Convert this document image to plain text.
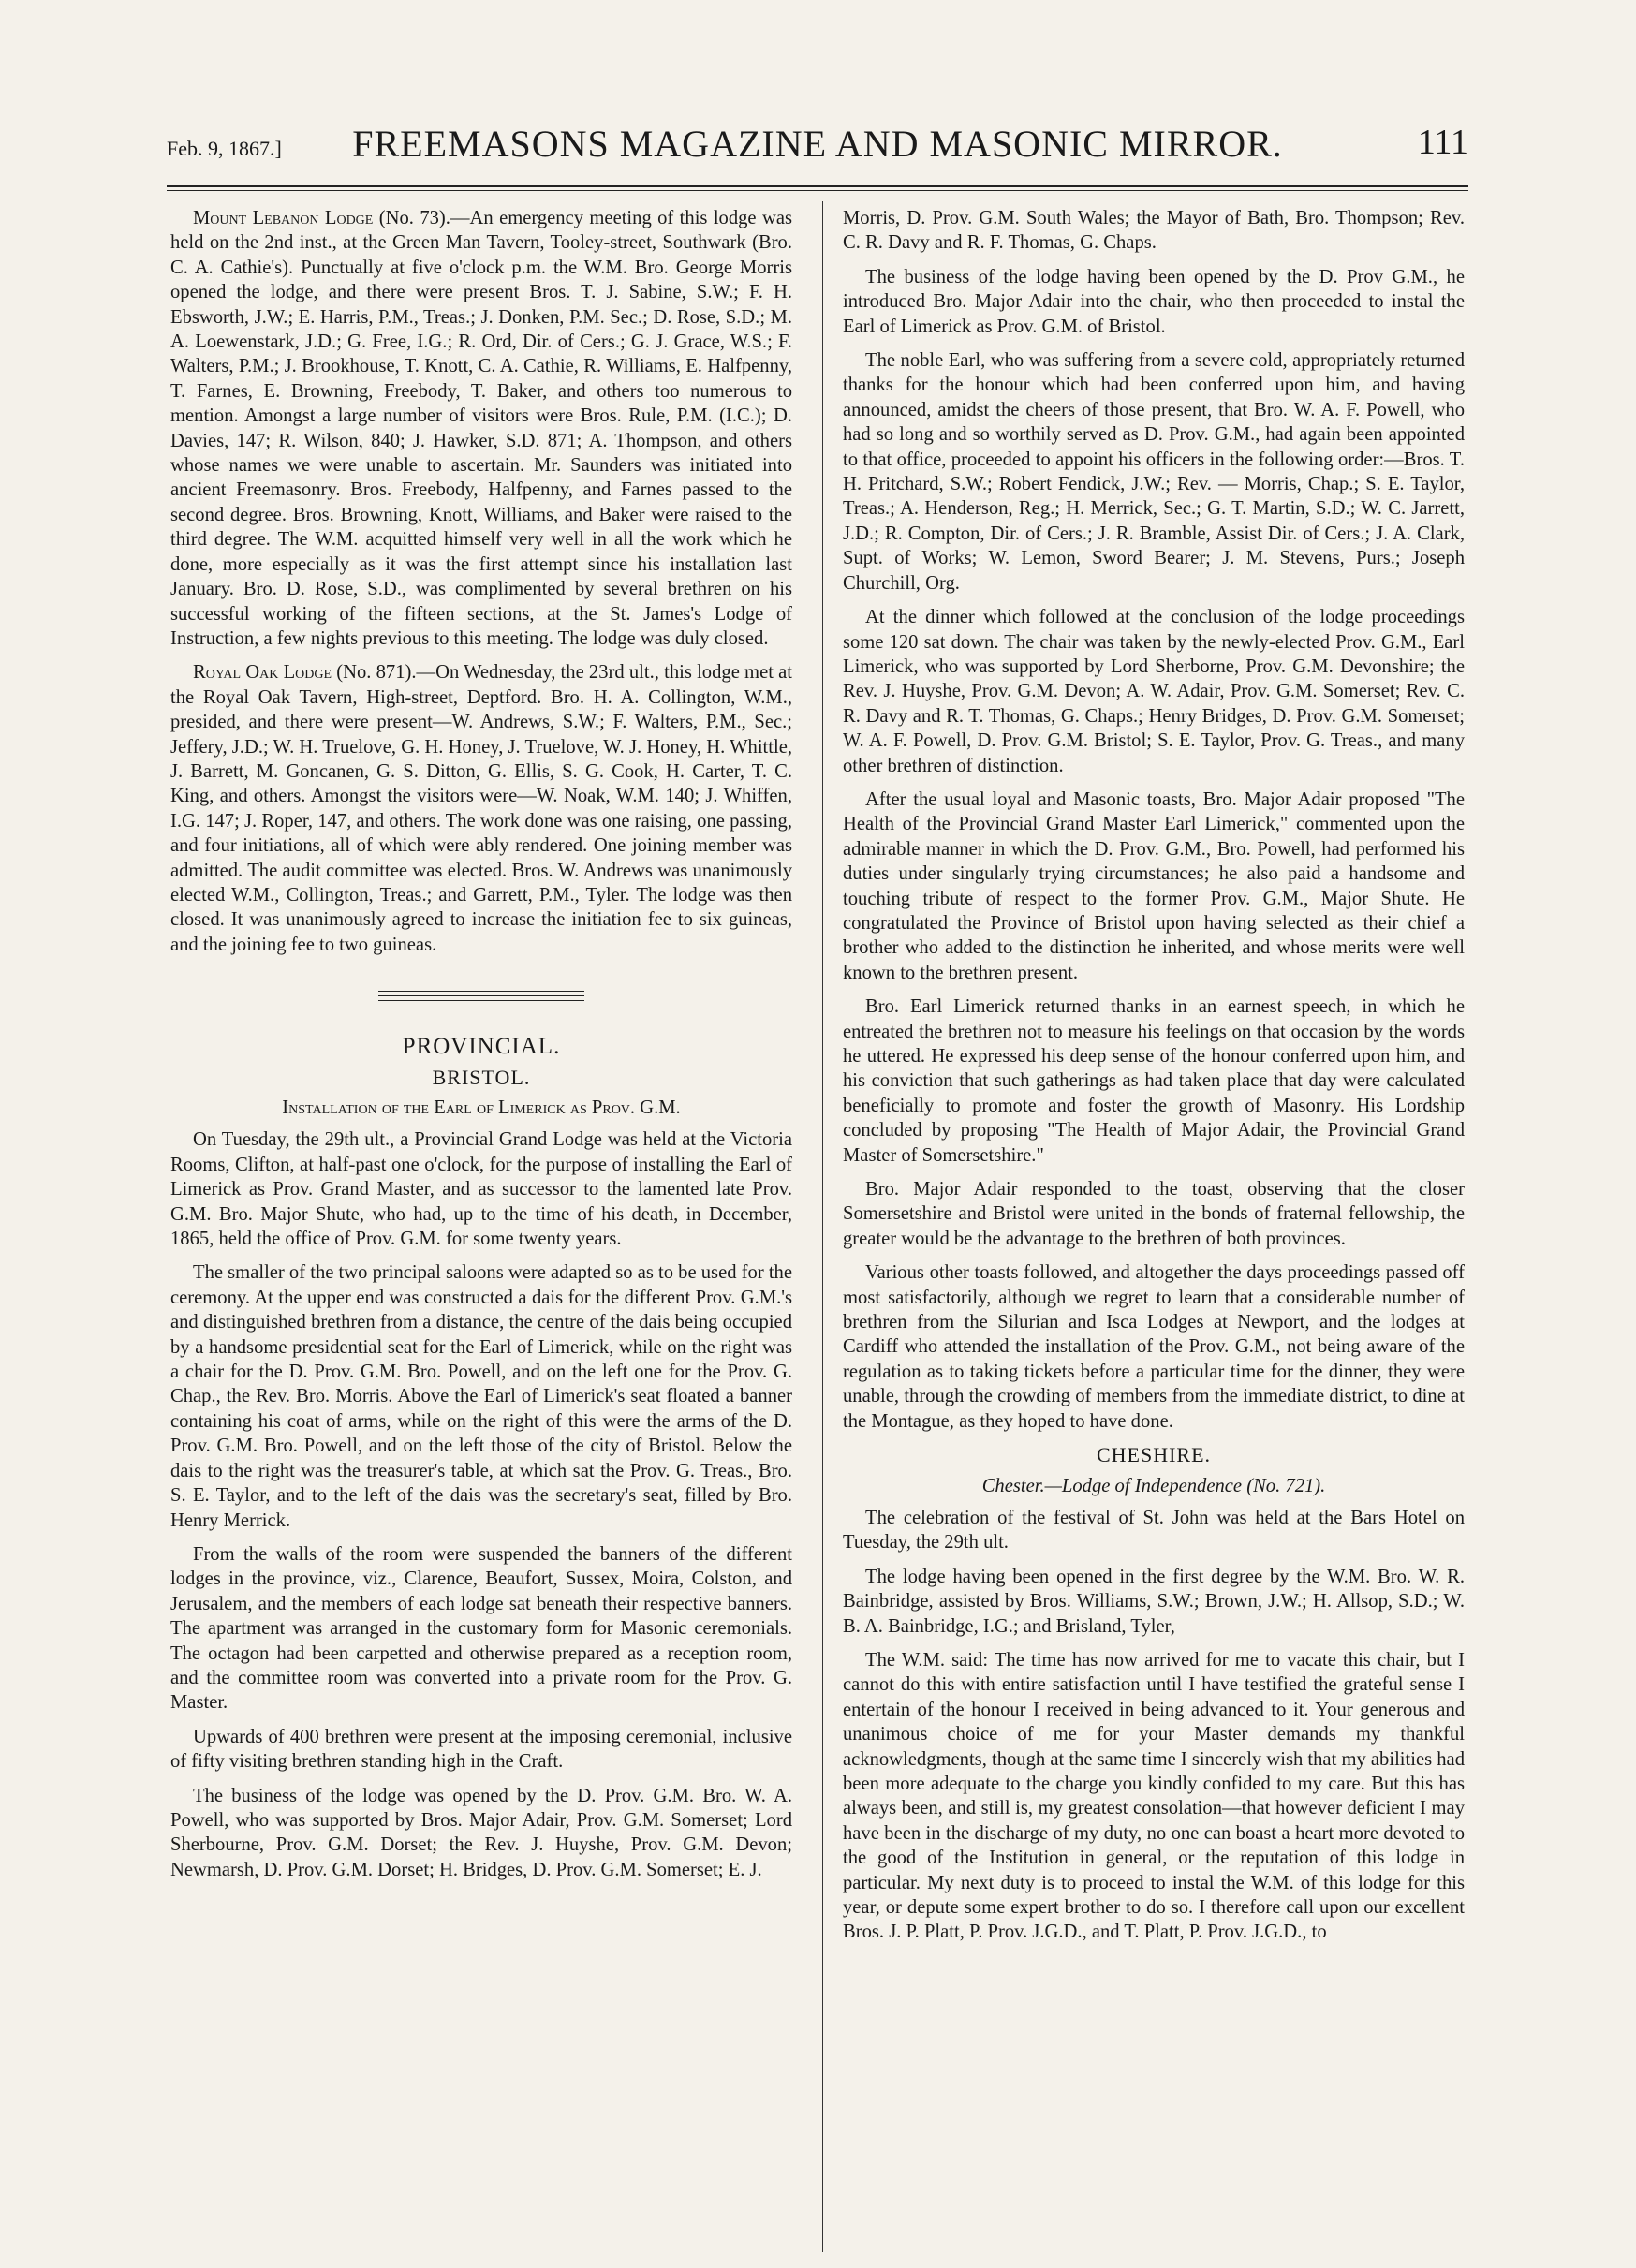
Feb. 9, 1867.]	FREEMASONS MAGAZINE AND MASONIC MIRROR.	111

Mount Lebanon Lodge (No. 73).—An emergency meeting of this lodge was held on the 2nd inst., at the Green Man Tavern, Tooley-street, Southwark (Bro. C. A. Cathie's). Punctually at five o'clock p.m. the W.M. Bro. George Morris opened the lodge, and there were present Bros. T. J. Sabine, S.W.; F. H. Ebsworth, J.W.; E. Harris, P.M., Treas.; J. Donken, P.M. Sec.; D. Rose, S.D.; M. A. Loewenstark, J.D.; G. Free, I.G.; R. Ord, Dir. of Cers.; G. J. Grace, W.S.; F. Walters, P.M.; J. Brookhouse, T. Knott, C. A. Cathie, R. Williams, E. Halfpenny, T. Farnes, E. Browning, Freebody, T. Baker, and others too numerous to mention. Amongst a large number of visitors were Bros. Rule, P.M. (I.C.); D. Davies, 147; R. Wilson, 840; J. Hawker, S.D. 871; A. Thompson, and others whose names we were unable to ascertain. Mr. Saunders was initiated into ancient Freemasonry. Bros. Freebody, Halfpenny, and Farnes passed to the second degree. Bros. Browning, Knott, Williams, and Baker were raised to the third degree. The W.M. acquitted himself very well in all the work which he done, more especially as it was the first attempt since his installation last January. Bro. D. Rose, S.D., was complimented by several brethren on his successful working of the fifteen sections, at the St. James's Lodge of Instruction, a few nights previous to this meeting. The lodge was duly closed.

Royal Oak Lodge (No. 871).—On Wednesday, the 23rd ult., this lodge met at the Royal Oak Tavern, High-street, Deptford. Bro. H. A. Collington, W.M., presided, and there were present—W. Andrews, S.W.; F. Walters, P.M., Sec.; Jeffery, J.D.; W. H. Truelove, G. H. Honey, J. Truelove, W. J. Honey, H. Whittle, J. Barrett, M. Goncanen, G. S. Ditton, G. Ellis, S. G. Cook, H. Carter, T. C. King, and others. Amongst the visitors were—W. Noak, W.M. 140; J. Whiffen, I.G. 147; J. Roper, 147, and others. The work done was one raising, one passing, and four initiations, all of which were ably rendered. One joining member was admitted. The audit committee was elected. Bros. W. Andrews was unanimously elected W.M., Collington, Treas.; and Garrett, P.M., Tyler. The lodge was then closed. It was unanimously agreed to increase the initiation fee to six guineas, and the joining fee to two guineas.

PROVINCIAL.
BRISTOL.
Installation of the Earl of Limerick as Prov. G.M.

On Tuesday, the 29th ult., a Provincial Grand Lodge was held at the Victoria Rooms, Clifton, at half-past one o'clock, for the purpose of installing the Earl of Limerick as Prov. Grand Master, and as successor to the lamented late Prov. G.M. Bro. Major Shute, who had, up to the time of his death, in December, 1865, held the office of Prov. G.M. for some twenty years.

The smaller of the two principal saloons were adapted so as to be used for the ceremony. At the upper end was constructed a dais for the different Prov. G.M.'s and distinguished brethren from a distance, the centre of the dais being occupied by a handsome presidential seat for the Earl of Limerick, while on the right was a chair for the D. Prov. G.M. Bro. Powell, and on the left one for the Prov. G. Chap., the Rev. Bro. Morris. Above the Earl of Limerick's seat floated a banner containing his coat of arms, while on the right of this were the arms of the D. Prov. G.M. Bro. Powell, and on the left those of the city of Bristol. Below the dais to the right was the treasurer's table, at which sat the Prov. G. Treas., Bro. S. E. Taylor, and to the left of the dais was the secretary's seat, filled by Bro. Henry Merrick.

From the walls of the room were suspended the banners of the different lodges in the province, viz., Clarence, Beaufort, Sussex, Moira, Colston, and Jerusalem, and the members of each lodge sat beneath their respective banners. The apartment was arranged in the customary form for Masonic ceremonials. The octagon had been carpetted and otherwise prepared as a reception room, and the committee room was converted into a private room for the Prov. G. Master.

Upwards of 400 brethren were present at the imposing ceremonial, inclusive of fifty visiting brethren standing high in the Craft.

The business of the lodge was opened by the D. Prov. G.M. Bro. W. A. Powell, who was supported by Bros. Major Adair, Prov. G.M. Somerset; Lord Sherbourne, Prov. G.M. Dorset; the Rev. J. Huyshe, Prov. G.M. Devon; Newmarsh, D. Prov. G.M. Dorset; H. Bridges, D. Prov. G.M. Somerset; E. J.

Morris, D. Prov. G.M. South Wales; the Mayor of Bath, Bro. Thompson; Rev. C. R. Davy and R. F. Thomas, G. Chaps.

The business of the lodge having been opened by the D. Prov G.M., he introduced Bro. Major Adair into the chair, who then proceeded to instal the Earl of Limerick as Prov. G.M. of Bristol.

The noble Earl, who was suffering from a severe cold, appropriately returned thanks for the honour which had been conferred upon him, and having announced, amidst the cheers of those present, that Bro. W. A. F. Powell, who had so long and so worthily served as D. Prov. G.M., had again been appointed to that office, proceeded to appoint his officers in the following order:—Bros. T. H. Pritchard, S.W.; Robert Fendick, J.W.; Rev. — Morris, Chap.; S. E. Taylor, Treas.; A. Henderson, Reg.; H. Merrick, Sec.; G. T. Martin, S.D.; W. C. Jarrett, J.D.; R. Compton, Dir. of Cers.; J. R. Bramble, Assist Dir. of Cers.; J. A. Clark, Supt. of Works; W. Lemon, Sword Bearer; J. M. Stevens, Purs.; Joseph Churchill, Org.

At the dinner which followed at the conclusion of the lodge proceedings some 120 sat down. The chair was taken by the newly-elected Prov. G.M., Earl Limerick, who was supported by Lord Sherborne, Prov. G.M. Devonshire; the Rev. J. Huyshe, Prov. G.M. Devon; A. W. Adair, Prov. G.M. Somerset; Rev. C. R. Davy and R. T. Thomas, G. Chaps.; Henry Bridges, D. Prov. G.M. Somerset; W. A. F. Powell, D. Prov. G.M. Bristol; S. E. Taylor, Prov. G. Treas., and many other brethren of distinction.

After the usual loyal and Masonic toasts, Bro. Major Adair proposed "The Health of the Provincial Grand Master Earl Limerick," commented upon the admirable manner in which the D. Prov. G.M., Bro. Powell, had performed his duties under singularly trying circumstances; he also paid a handsome and touching tribute of respect to the former Prov. G.M., Major Shute. He congratulated the Province of Bristol upon having selected as their chief a brother who added to the distinction he inherited, and whose merits were well known to the brethren present.

Bro. Earl Limerick returned thanks in an earnest speech, in which he entreated the brethren not to measure his feelings on that occasion by the words he uttered. He expressed his deep sense of the honour conferred upon him, and his conviction that such gatherings as had taken place that day were calculated beneficially to promote and foster the growth of Masonry. His Lordship concluded by proposing "The Health of Major Adair, the Provincial Grand Master of Somersetshire."

Bro. Major Adair responded to the toast, observing that the closer Somersetshire and Bristol were united in the bonds of fraternal fellowship, the greater would be the advantage to the brethren of both provinces.

Various other toasts followed, and altogether the days proceedings passed off most satisfactorily, although we regret to learn that a considerable number of brethren from the Silurian and Isca Lodges at Newport, and the lodges at Cardiff who attended the installation of the Prov. G.M., not being aware of the regulation as to taking tickets before a particular time for the dinner, they were unable, through the crowding of members from the immediate district, to dine at the Montague, as they hoped to have done.

CHESHIRE.
Chester.—Lodge of Independence (No. 721).

The celebration of the festival of St. John was held at the Bars Hotel on Tuesday, the 29th ult.

The lodge having been opened in the first degree by the W.M. Bro. W. R. Bainbridge, assisted by Bros. Williams, S.W.; Brown, J.W.; H. Allsop, S.D.; W. B. A. Bainbridge, I.G.; and Brisland, Tyler,

The W.M. said: The time has now arrived for me to vacate this chair, but I cannot do this with entire satisfaction until I have testified the grateful sense I entertain of the honour I received in being advanced to it. Your generous and unanimous choice of me for your Master demands my thankful acknowledgments, though at the same time I sincerely wish that my abilities had been more adequate to the charge you kindly confided to my care. But this has always been, and still is, my greatest consolation—that however deficient I may have been in the discharge of my duty, no one can boast a heart more devoted to the good of the Institution in general, or the reputation of this lodge in particular. My next duty is to proceed to instal the W.M. of this lodge for this year, or depute some expert brother to do so. I therefore call upon our excellent Bros. J. P. Platt, P. Prov. J.G.D., and T. Platt, P. Prov. J.G.D., to
